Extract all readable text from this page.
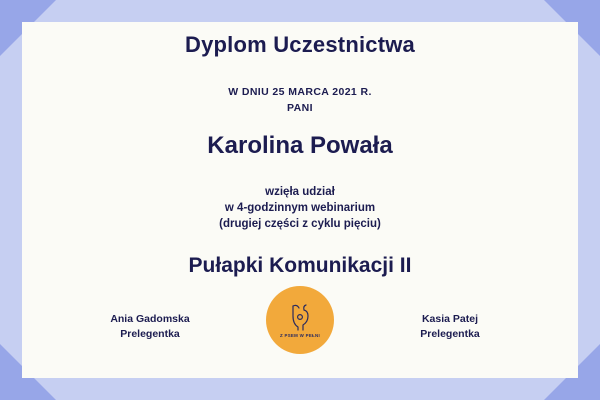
Dyplom Uczestnictwa
W DNIU 25 MARCA 2021 R.
PANI
Karolina Powała
wzięła udział
w 4-godzinnym webinarium
(drugiej części z cyklu pięciu)
Pułapki Komunikacji II
Ania Gadomska
Prelegentka	Z PSEM W PEŁNI
Kasia Patej
Prelegentka
